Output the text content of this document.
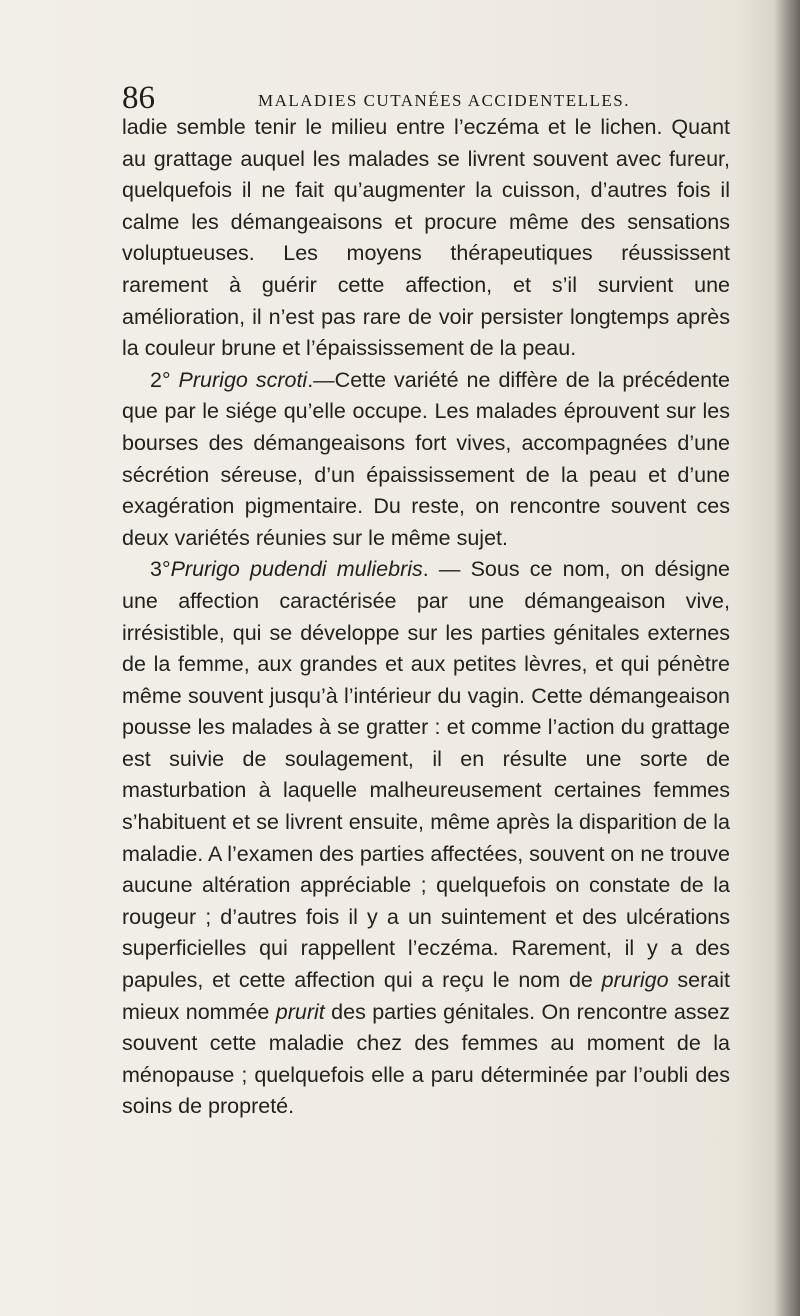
86	MALADIES CUTANÉES ACCIDENTELLES.

ladie semble tenir le milieu entre l’eczéma et le lichen. Quant au grattage auquel les malades se livrent souvent avec fureur, quelquefois il ne fait qu’augmenter la cuisson, d’autres fois il calme les démangeaisons et procure même des sensations voluptueuses. Les moyens thérapeutiques réussissent rarement à guérir cette affection, et s’il survient une amélioration, il n’est pas rare de voir persister longtemps après la couleur brune et l’épaississement de la peau.

2° Prurigo scroti.—Cette variété ne diffère de la précédente que par le siége qu’elle occupe. Les malades éprouvent sur les bourses des démangeaisons fort vives, accompagnées d’une sécrétion séreuse, d’un épaississement de la peau et d’une exagération pigmentaire. Du reste, on rencontre souvent ces deux variétés réunies sur le même sujet.

3°Prurigo pudendi muliebris. — Sous ce nom, on désigne une affection caractérisée par une démangeaison vive, irrésistible, qui se développe sur les parties génitales externes de la femme, aux grandes et aux petites lèvres, et qui pénètre même souvent jusqu’à l’intérieur du vagin. Cette démangeaison pousse les malades à se gratter : et comme l’action du grattage est suivie de soulagement, il en résulte une sorte de masturbation à laquelle malheureusement certaines femmes s’habituent et se livrent ensuite, même après la disparition de la maladie. A l’examen des parties affectées, souvent on ne trouve aucune altération appréciable ; quelquefois on constate de la rougeur ; d’autres fois il y a un suintement et des ulcérations superficielles qui rappellent l’eczéma. Rarement, il y a des papules, et cette affection qui a reçu le nom de prurigo serait mieux nommée prurit des parties génitales. On rencontre assez souvent cette maladie chez des femmes au moment de la ménopause ; quelquefois elle a paru déterminée par l’oubli des soins de propreté.
